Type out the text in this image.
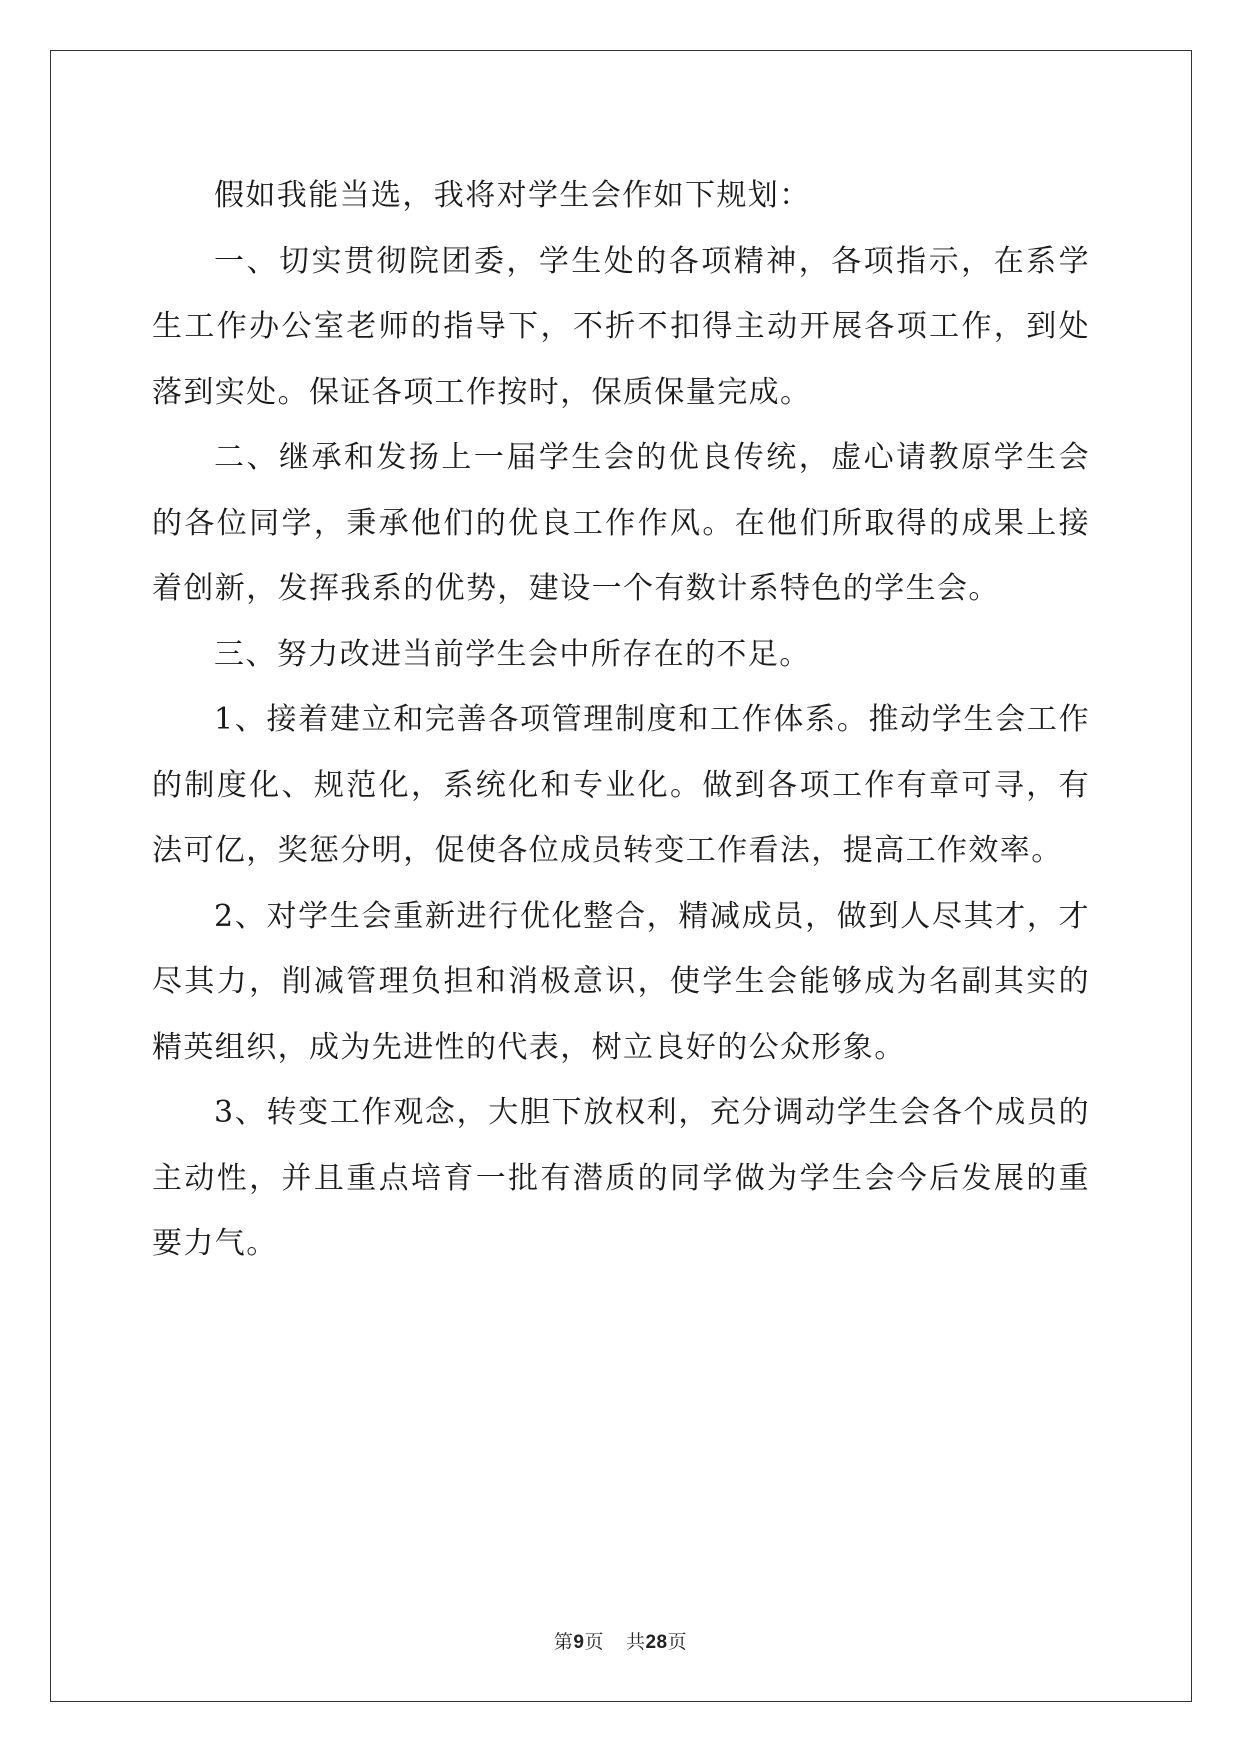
假如我能当选，我将对学生会作如下规划：

一、切实贯彻院团委，学生处的各项精神，各项指示，在系学生工作办公室老师的指导下，不折不扣得主动开展各项工作，到处落到实处。保证各项工作按时，保质保量完成。

二、继承和发扬上一届学生会的优良传统，虚心请教原学生会的各位同学，秉承他们的优良工作作风。在他们所取得的成果上接着创新，发挥我系的优势，建设一个有数计系特色的学生会。

三、努力改进当前学生会中所存在的不足。

1、接着建立和完善各项管理制度和工作体系。推动学生会工作的制度化、规范化，系统化和专业化。做到各项工作有章可寻，有法可亿，奖惩分明，促使各位成员转变工作看法，提高工作效率。

2、对学生会重新进行优化整合，精减成员，做到人尽其才，才尽其力，削减管理负担和消极意识，使学生会能够成为名副其实的精英组织，成为先进性的代表，树立良好的公众形象。

3、转变工作观念，大胆下放权利，充分调动学生会各个成员的主动性，并且重点培育一批有潜质的同学做为学生会今后发展的重要力气。

第9页 共28页
